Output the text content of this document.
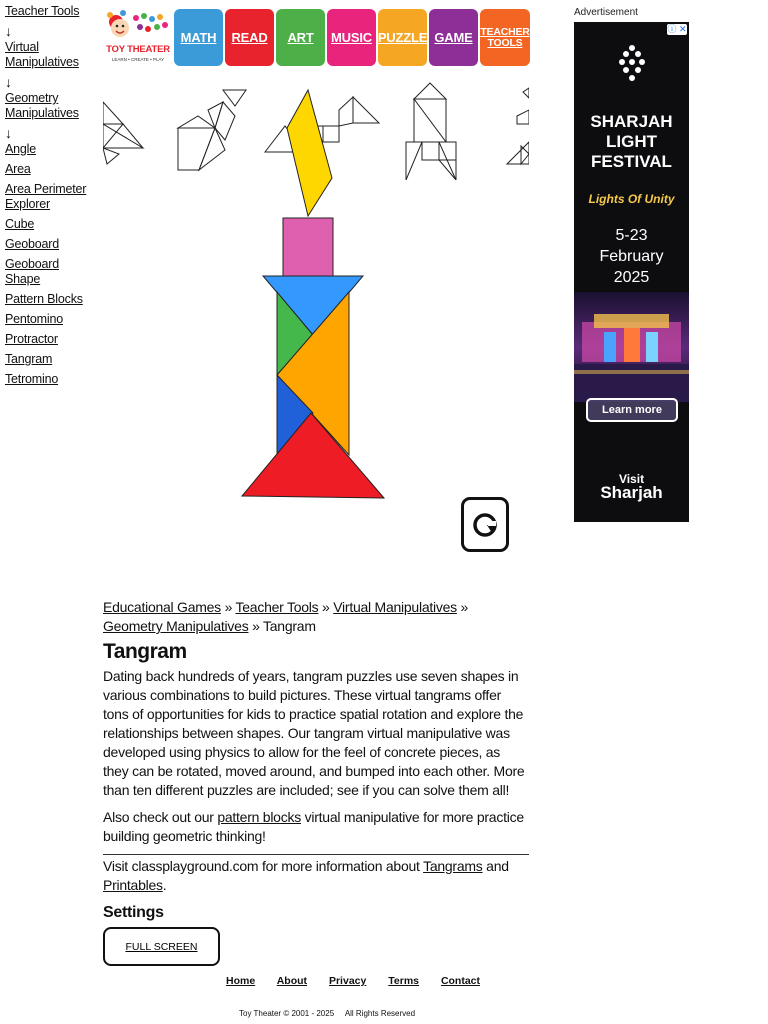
Teacher Tools
↓
Virtual Manipulatives
↓
Geometry Manipulatives
↓
Angle
Area
Area Perimeter Explorer
Cube
Geoboard
Geoboard Shape
Pattern Blocks
Pentomino
Protractor
Tangram
Tetromino
TOY THEATER
LEARN • CREATE • PLAY
MATH	READ	ART	MUSIC PUZZLE GAME TEACHER TOOLS
Advertisement
ⓘ ✕
SHARJAH
LIGHT
FESTIVAL
Lights Of Unity
5-23
February
2025
Learn more
Visit
Sharjah
Educational Games » Teacher Tools » Virtual Manipulatives » Geometry Manipulatives » Tangram
Tangram

Dating back hundreds of years, tangram puzzles use seven shapes in various combinations to build pictures. These virtual tangrams offer tons of opportunities for kids to practice spatial rotation and explore the relationships between shapes. Our tangram virtual manipulative was developed using physics to allow for the feel of concrete pieces, as they can be rotated, moved around, and bumped into each other. More than ten different puzzles are included; see if you can solve them all!

Also check out our pattern blocks virtual manipulative for more practice building geometric thinking!

Visit classplayground.com for more information about Tangrams and Printables.

Settings
FULL SCREEN
Home About Privacy Terms Contact
Toy Theater © 2001 - 2025     All Rights Reserved
